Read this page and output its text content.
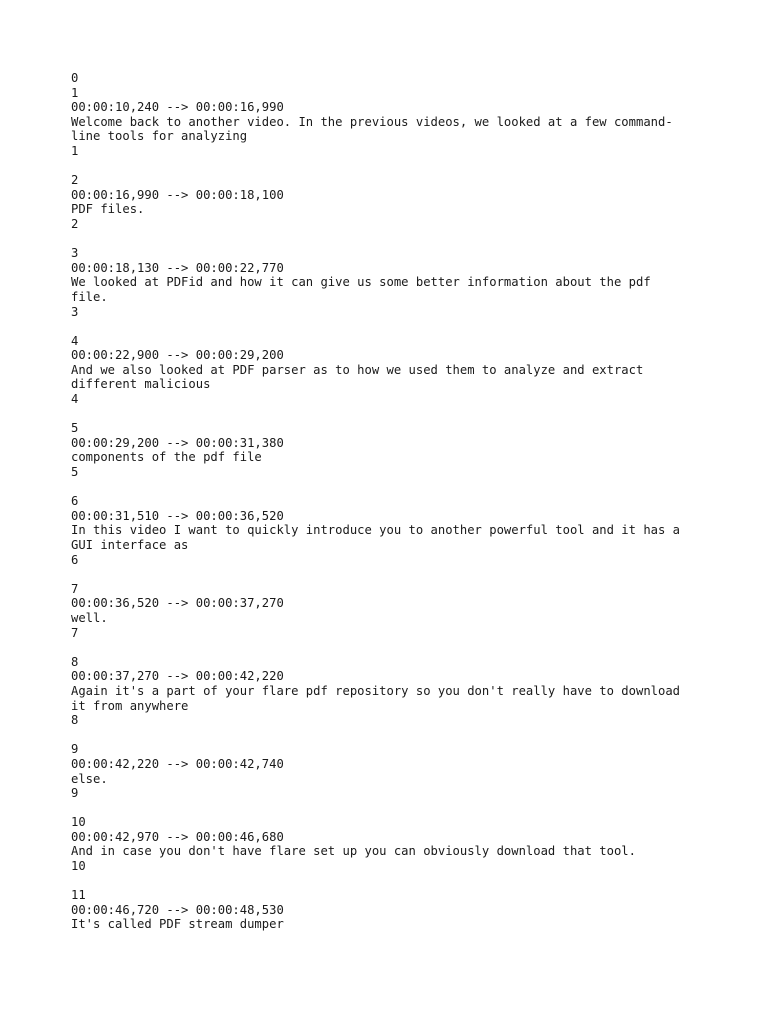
0
1
00:00:10,240 --> 00:00:16,990
Welcome back to another video. In the previous videos, we looked at a few command-
line tools for analyzing
1
2
00:00:16,990 --> 00:00:18,100
PDF files.
2
3
00:00:18,130 --> 00:00:22,770
We looked at PDFid and how it can give us some better information about the pdf
file.
3
4
00:00:22,900 --> 00:00:29,200
And we also looked at PDF parser as to how we used them to analyze and extract
different malicious
4
5
00:00:29,200 --> 00:00:31,380
components of the pdf file
5
6
00:00:31,510 --> 00:00:36,520
In this video I want to quickly introduce you to another powerful tool and it has a
GUI interface as
6
7
00:00:36,520 --> 00:00:37,270
well.
7
8
00:00:37,270 --> 00:00:42,220
Again it's a part of your flare pdf repository so you don't really have to download
it from anywhere
8
9
00:00:42,220 --> 00:00:42,740
else.
9
10
00:00:42,970 --> 00:00:46,680
And in case you don't have flare set up you can obviously download that tool.
10
11
00:00:46,720 --> 00:00:48,530
It's called PDF stream dumper
